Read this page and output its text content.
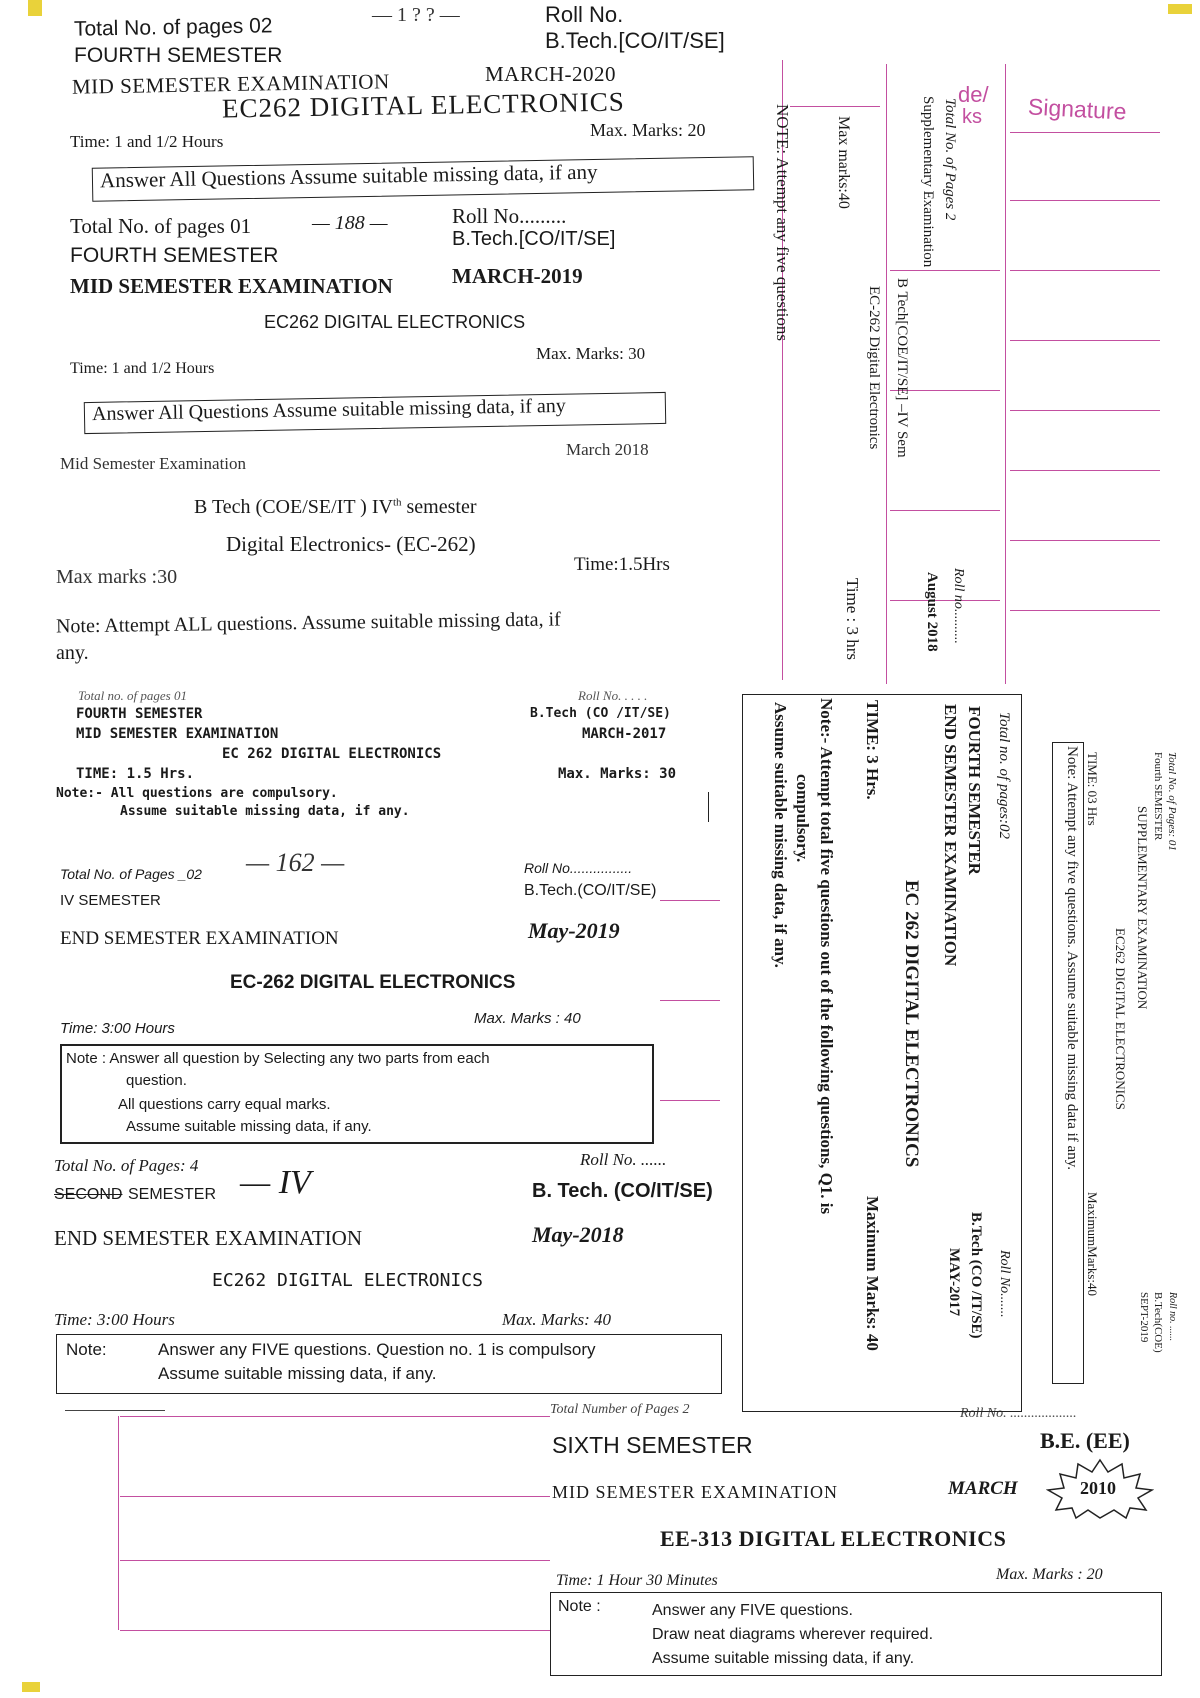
Total No. of pages 02	— 1 ? ? —	Roll No.
B.Tech.[CO/IT/SE]
FOURTH SEMESTER
MID SEMESTER EXAMINATION	MARCH-2020
EC262 DIGITAL ELECTRONICS
Time: 1 and 1/2 Hours
Max. Marks: 20
Answer All Questions Assume suitable missing data, if any
Total No. of pages 01	— 188 —	Roll No.........
B.Tech.[CO/IT/SE]
FOURTH SEMESTER
MID SEMESTER EXAMINATION	MARCH-2019
EC262 DIGITAL ELECTRONICS
Time: 1 and 1/2 Hours
Max. Marks: 30
Answer All Questions Assume suitable missing data, if any
Mid Semester Examination
March 2018
B Tech (COE/SE/IT ) IVth semester
Digital Electronics- (EC-262)
Max marks :30
Time:1.5Hrs
Note: Attempt ALL questions. Assume suitable missing data, if
any.
Total no. of pages 01	Roll No. . . . .
FOURTH SEMESTER	B.Tech (CO /IT/SE)
MID SEMESTER EXAMINATION	MARCH-2017
EC 262 DIGITAL ELECTRONICS
TIME: 1.5 Hrs.	Max. Marks: 30
Note:- All questions are compulsory.
Assume suitable missing data, if any.
Total No. of Pages _02 — 162 —	Roll No................
IV SEMESTER
B.Tech.(CO/IT/SE)
END SEMESTER EXAMINATION	May-2019
EC-262 DIGITAL ELECTRONICS
Time: 3:00 Hours
Max. Marks : 40
Note : Answer all question by Selecting any two parts from each
question.
All questions carry equal marks.
Assume suitable missing data, if any.
Total No. of Pages: 4	Roll No. ......
SECOND SEMESTER — IV	B. Tech. (CO/IT/SE)
END SEMESTER EXAMINATION	May-2018
EC262 DIGITAL ELECTRONICS
Time: 3:00 Hours	Max. Marks: 40
Note:	Answer any FIVE questions. Question no. 1 is compulsory
Assume suitable missing data, if any.
Total Number of Pages 2	Roll No. ...................
SIXTH SEMESTER	B.E. (EE)
MID SEMESTER EXAMINATION	MARCH	2010
EE-313 DIGITAL ELECTRONICS
Time: 1 Hour 30 Minutes	Max. Marks : 20
Note :	Answer any FIVE questions.
Draw neat diagrams wherever required.
Assume suitable missing data, if any.
de/
ks Signature
NOTE: Attempt any five questions	Max marks:40
EC-262 Digital Electronics B Tech[COE/IT/SE] –IV Sem
Supplementary Examination Total No. of Pages 2
Time : 3 hrs	August 2018 Roll no..........
Assume suitable missing data, if any. compulsory. Note:- Attempt total five questions out of the following questions, Q1. is TIME: 3 Hrs.
Maximum Marks: 40
EC 262 DIGITAL ELECTRONICS
END SEMESTER EXAMINATION FOURTH SEMESTER
B.Tech (CO /IT/SE)
MAY-2017
Total no. of pages:02
Roll No.......
Note: Attempt any five questions. Assume suitable missing data if any. TIME: 03 Hrs
MaximumMarks:40
EC262 DIGITAL ELECTRONICS
SUPPLEMENTARY EXAMINATION
Fourth SEMESTER Total No. of Pages: 01
B.Tech(COE)
SEPT-2019 Roll no. ......
